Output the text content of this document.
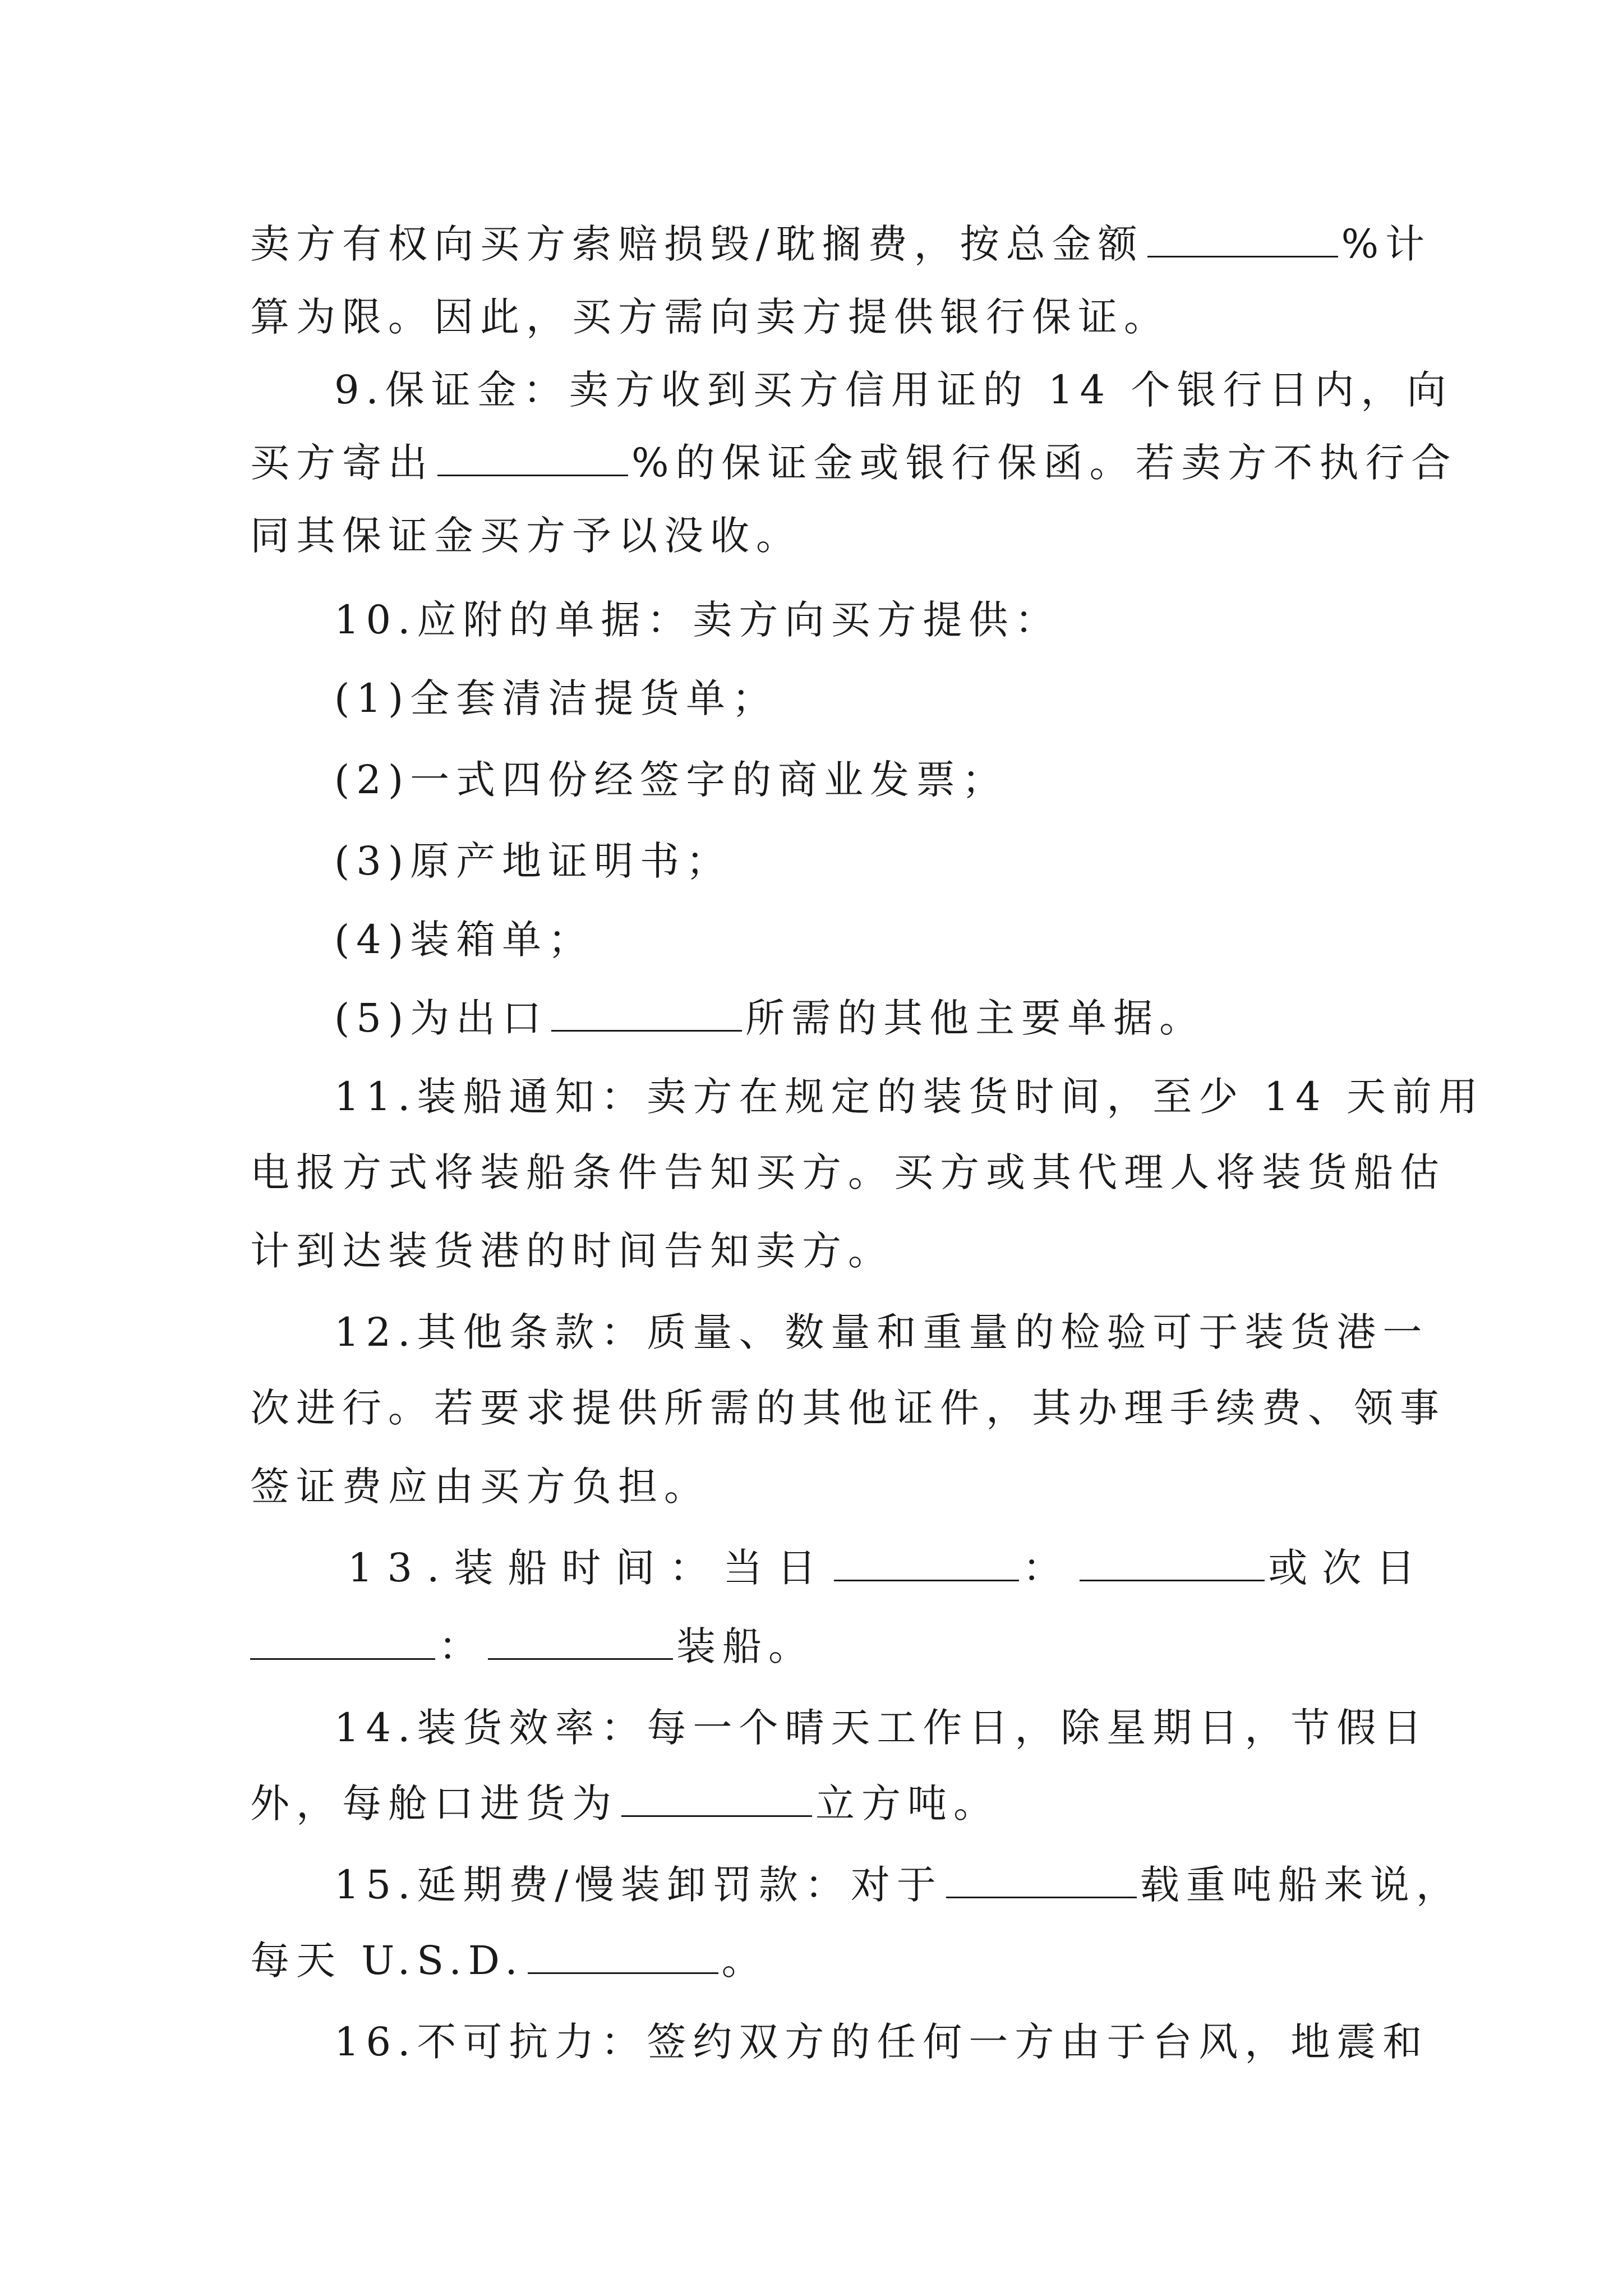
卖方有权向买方索赔损毁/耽搁费，按总金额	%计
算为限。因此，买方需向卖方提供银行保证。
9.保证金：卖方收到买方信用证的 14 个银行日内，向
买方寄出	%的保证金或银行保函。若卖方不执行合
同其保证金买方予以没收。
10.应附的单据：卖方向买方提供：
(1)全套清洁提货单；
(2)一式四份经签字的商业发票；
(3)原产地证明书；
(4)装箱单；
(5)为出口	所需的其他主要单据。
11.装船通知：卖方在规定的装货时间，至少 14 天前用
电报方式将装船条件告知买方。买方或其代理人将装货船估
计到达装货港的时间告知卖方。
12.其他条款：质量、数量和重量的检验可于装货港一
次进行。若要求提供所需的其他证件，其办理手续费、领事
签证费应由买方负担。
13.装船时间：当日	：	或次日
：	装船。
14.装货效率：每一个晴天工作日，除星期日，节假日
外，每舱口进货为	立方吨。
15.延期费/慢装卸罚款：对于	载重吨船来说，
每天 U.S.D.	。
16.不可抗力：签约双方的任何一方由于台风，地震和
